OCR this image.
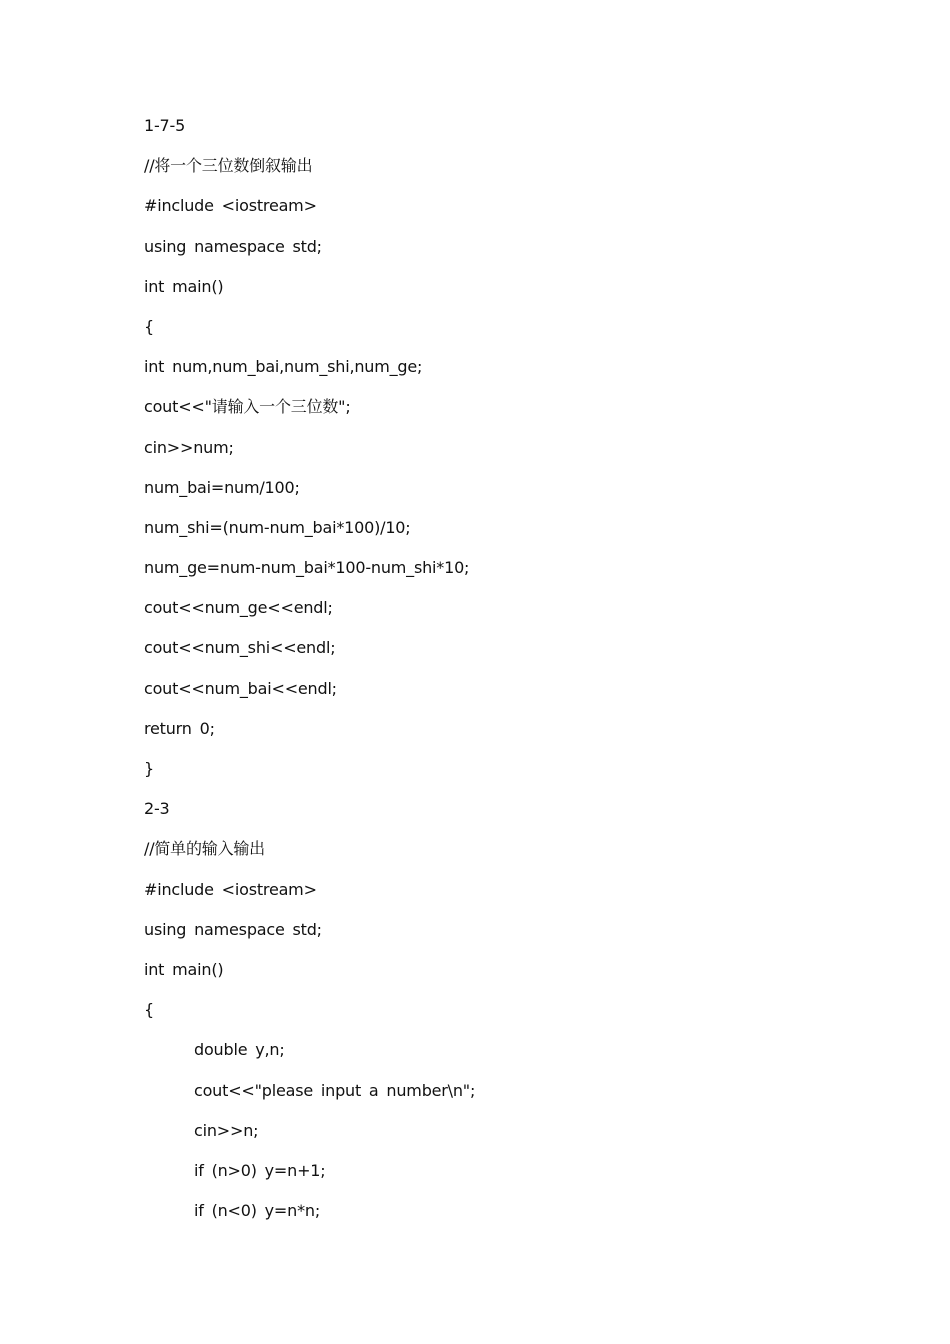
1-7-5
//将一个三位数倒叙输出
#include <iostream>
using namespace std;
int main()
{
int num,num_bai,num_shi,num_ge;
cout<<"请输入一个三位数";
cin>>num;
num_bai=num/100;
num_shi=(num-num_bai*100)/10;
num_ge=num-num_bai*100-num_shi*10;
cout<<num_ge<<endl;
cout<<num_shi<<endl;
cout<<num_bai<<endl;
return 0;
}
2-3
//简单的输入输出
#include <iostream>
using namespace std;
int main()
{
double y,n;
cout<<"please input a number\n";
cin>>n;
if (n>0) y=n+1;
if (n<0) y=n*n;
